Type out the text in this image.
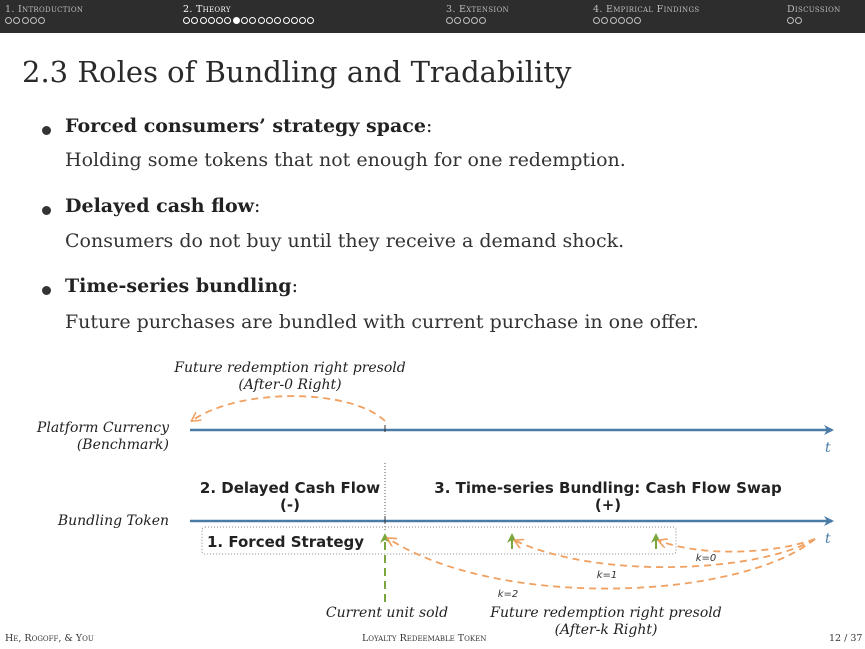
1. Introduction	2. Theory	3. Extension	4. Empirical Findings	Discussion
2.3 Roles of Bundling and Tradability
Forced consumers’ strategy space:
Holding some tokens that not enough for one redemption.
Delayed cash flow:
Consumers do not buy until they receive a demand shock.
Time-series bundling:
Future purchases are bundled with current purchase in one offer.
Future redemption right presold
(After-0 Right)
Platform Currency
(Benchmark)	t
2. Delayed Cash Flow
(-)
3. Time-series Bundling: Cash Flow Swap
(+)
Bundling Token
t
1. Forced Strategy
k=0
k=1
k=2
Current unit sold	Future redemption right presold
(After-k Right)
He, Rogoff, & You	Loyalty Redeemable Token	12 / 37
